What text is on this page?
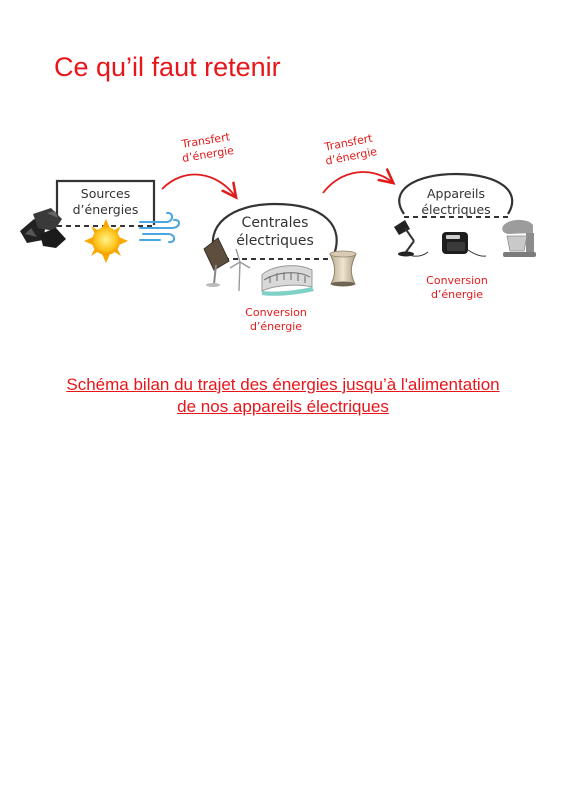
Ce qu’il faut retenir
Sources
d’énergies
Centrales
électriques
Appareils
électriques
Transfert
d’énergie
Transfert
d’énergie
Conversion
d’énergie
Conversion
d’énergie
Schéma bilan du trajet des énergies jusqu’à l'alimentation
de nos appareils électriques
